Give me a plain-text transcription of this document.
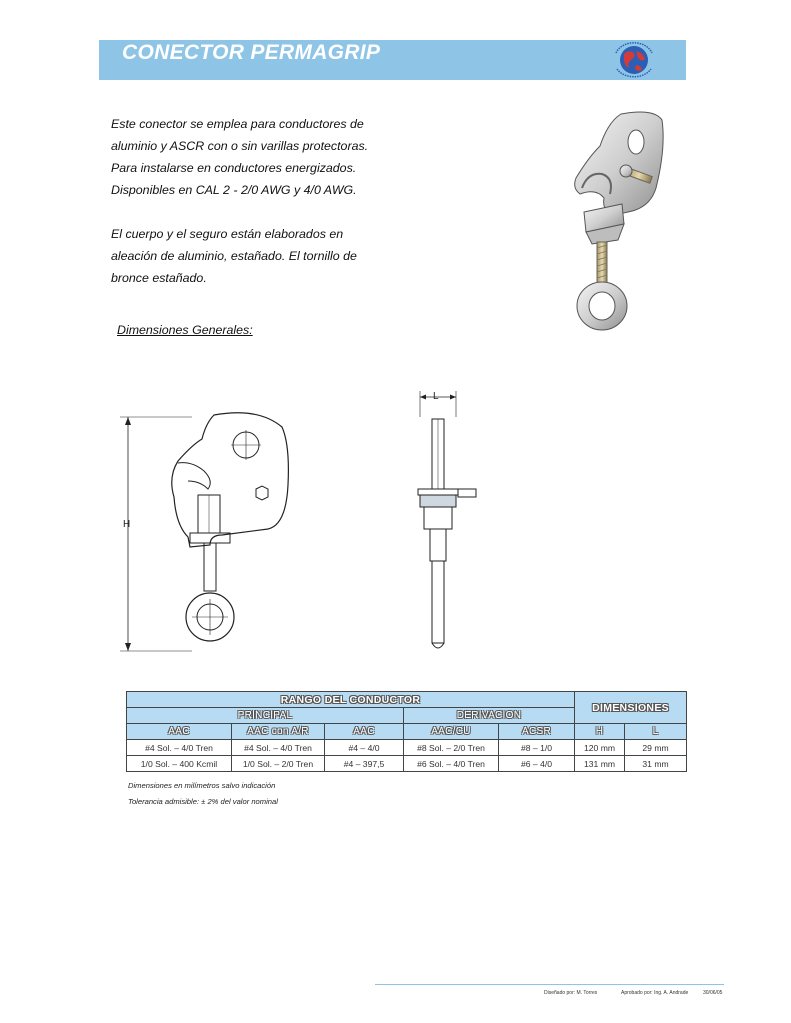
CONECTOR PERMAGRIP

Este conector se emplea para conductores de

aluminio y ASCR con o sin varillas protectoras.

Para instalarse en conductores energizados.

Disponibles en CAL 2 - 2/0 AWG y 4/0 AWG.

El cuerpo y el seguro están elaborados en

aleación de aluminio, estañado. El tornillo de

bronce estañado.

Dimensiones Generales:
H
L
RANGO DEL CONDUCTOR					DIMENSIONES	
PRINCIPAL			DERIVACION			
AAC	AAC con A/R	AAC	AAC/CU	ACSR	H	L
#4 Sol. – 4/0 Tren	#4 Sol. – 4/0 Tren	#4 – 4/0	#8 Sol. – 2/0 Tren	#8 – 1/0	120 mm	29 mm
1/0 Sol. – 400 Kcmil	1/0 Sol. – 2/0 Tren	#4 – 397,5	#6 Sol. – 4/0 Tren	#6 – 4/0	131 mm	31 mm
Dimensiones en milímetros salvo indicación
Tolerancia admisible: ± 2% del valor nominal
Diseñado por: M. Torres	Aprobado por: Ing. A. Andrade	30/06/05
